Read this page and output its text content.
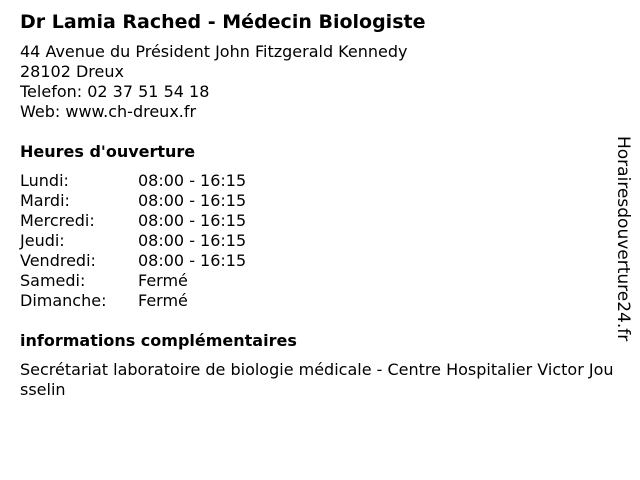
Dr Lamia Rached - Médecin Biologiste
44 Avenue du Président John Fitzgerald Kennedy
28102 Dreux
Telefon: 02 37 51 54 18
Web: www.ch-dreux.fr
Heures d'ouverture
Lundi:	08:00 - 16:15
Mardi:	08:00 - 16:15
Mercredi:	08:00 - 16:15
Jeudi:	08:00 - 16:15
Vendredi:	08:00 - 16:15
Samedi:	Fermé
Dimanche:	Fermé
informations complémentaires
Secrétariat laboratoire de biologie médicale - Centre Hospitalier Victor Jousselin
Horairesdouverture24.fr
